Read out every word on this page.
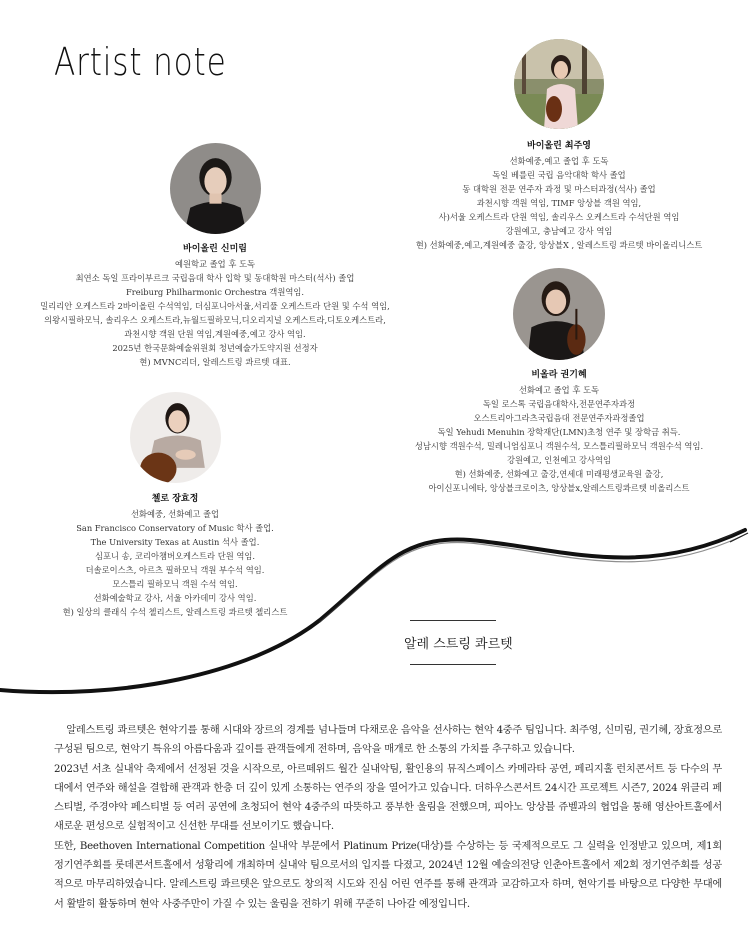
Artist note
바이올린 최주영
선화예중,예고 졸업 후 도독
독일 베를린 국립 음악대학 학사 졸업
동 대학원 전문 연주자 과정 및 마스터과정(석사) 졸업
과천시향 객원 역임, TIMF 앙상블 객원 역임,
사)서울 오케스트라 단원 역임, 솔리우스 오케스트라 수석단원 역임
강원예고, 충남예고 강사 역임
현) 선화예중,예고,계원예중 출강, 앙상블X , 알레스트링 콰르텟 바이올리니스트
바이올린 신미림
예원학교 졸업 후 도독
최연소 독일 프라이부르크 국립음대 학사 입학 및 동대학원 마스터(석사) 졸업
Freiburg Philharmonic Orchestra 객원역임.
밀리리안 오케스트라 2바이올린 수석역임, 더심포니아서울,서리풀 오케스트라 단원 및 수석 역임,
의왕시필하모닉, 솔리우스 오케스트라,뉴월드필하모닉,디오리지널 오케스트라,디토오케스트라,
과천시향 객원 단원 역임,계원예중,예고 강사 역임.
2025년 한국문화예술위원회 청년예술가도약지원 선정자
현) MVNC리더, 알레스트링 콰르텟 대표.
비올라 권기혜
선화예고 졸업 후 도독
독일 로스톡 국립음대학사,전문연주자과정
오스트리아그라츠국립음대 전문연주자과정졸업
독일 Yehudi Menuhin 장학재단(LMN)초청 연주 및 장학금 취득.
성남시향 객원수석, 밀레니엄심포니 객원수석, 모스틀리필하모닉 객원수석 역임.
강원예고, 인천예고 강사역임
현) 선화예중, 선화예고 출강,연세대 미래평생교육원 출강,
아이신포니에타, 앙상블크로이츠, 앙상블x,알레스트링콰르텟 비올리스트
첼로 장효정
선화예중, 선화예고 졸업
San Francisco Conservatory of Music 학사 졸업.
The University Texas at Austin 석사 졸업.
심포니 송, 코리아챔버오케스트라 단원 역임.
더솔로이스츠, 아르츠 필하모닉 객원 부수석 역임.
모스틀리 필하모닉 객원 수석 역임.
선화예술학교 강사, 서울 아카데미 강사 역임.
현) 일상의 클래식 수석 첼리스트, 알레스트링 콰르텟 첼리스트
알레 스트링 콰르텟

알레스트링 콰르텟은 현악기를 통해 시대와 장르의 경계를 넘나들며 다채로운 음악을 선사하는 현악 4중주 팀입니다. 최주영, 신미림, 권기혜, 장효정으로 구성된 팀으로, 현악기 특유의 아름다움과 깊이를 관객들에게 전하며, 음악을 매개로 한 소통의 가치를 추구하고 있습니다.

2023년 서초 실내악 축제에서 선정된 것을 시작으로, 아르떼위드 월간 실내악팀, 활인용의 뮤직스페이스 카메라타 공연, 페리지홀 런치콘서트 등 다수의 무대에서 연주와 해설을 결합해 관객과 한층 더 깊이 있게 소통하는 연주의 장을 열어가고 있습니다. 더하우스콘서트 24시간 프로젝트 시즌7, 2024 위클리 페스티벌, 주경야악 페스티벌 등 여러 공연에 초청되어 현악 4중주의 따뜻하고 풍부한 울림을 전했으며, 피아노 앙상블 쥬벨과의 협업을 통해 영산아트홀에서 새로운 편성으로 실험적이고 신선한 무대를 선보이기도 했습니다.

또한, Beethoven International Competition 실내악 부문에서 Platinum Prize(대상)를 수상하는 등 국제적으로도 그 실력을 인정받고 있으며, 제1회 정기연주회를 롯데콘서트홀에서 성황리에 개최하며 실내악 팀으로서의 입지를 다졌고, 2024년 12월 예술의전당 인춘아트홀에서 제2회 정기연주회를 성공적으로 마무리하였습니다. 알레스트링 콰르텟은 앞으로도 창의적 시도와 진심 어린 연주를 통해 관객과 교감하고자 하며, 현악기를 바탕으로 다양한 무대에서 활발히 활동하며 현악 사중주만이 가질 수 있는 울림을 전하기 위해 꾸준히 나아갈 예정입니다.
